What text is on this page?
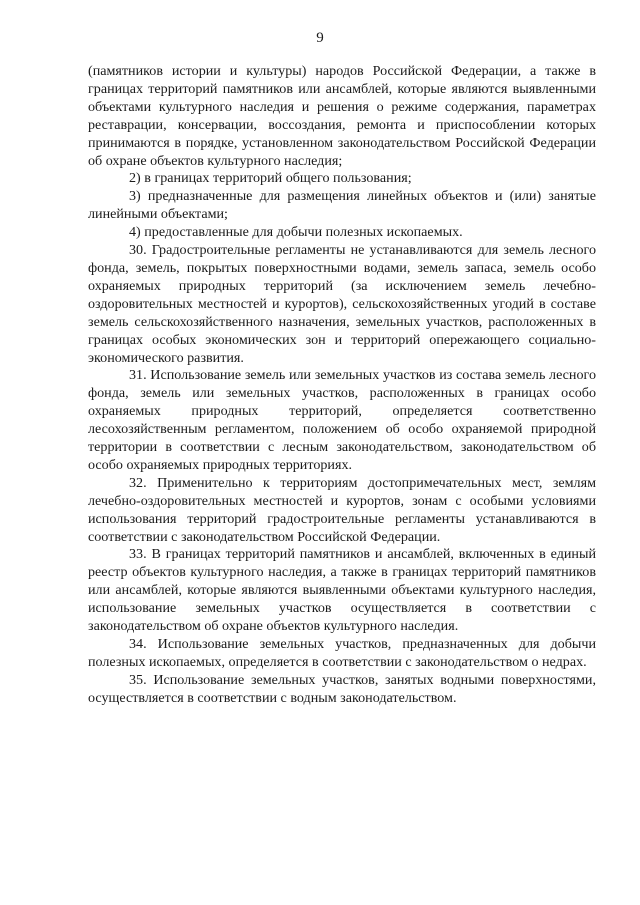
9

(памятников истории и культуры) народов Российской Федерации, а также в границах территорий памятников или ансамблей, которые являются выявленными объектами культурного наследия и решения о режиме содержания, параметрах реставрации, консервации, воссоздания, ремонта и приспособлении которых принимаются в порядке, установленном законодательством Российской Федерации об охране объектов культурного наследия;

2) в границах территорий общего пользования;

3) предназначенные для размещения линейных объектов и (или) занятые линейными объектами;

4) предоставленные для добычи полезных ископаемых.

30. Градостроительные регламенты не устанавливаются для земель лесного фонда, земель, покрытых поверхностными водами, земель запаса, земель особо охраняемых природных территорий (за исключением земель лечебно-оздоровительных местностей и курортов), сельскохозяйственных угодий в составе земель сельскохозяйственного назначения, земельных участков, расположенных в границах особых экономических зон и территорий опережающего социально-экономического развития.

31. Использование земель или земельных участков из состава земель лесного фонда, земель или земельных участков, расположенных в границах особо охраняемых природных территорий, определяется соответственно лесохозяйственным регламентом, положением об особо охраняемой природной территории в соответствии с лесным законодательством, законодательством об особо охраняемых природных территориях.

32. Применительно к территориям достопримечательных мест, землям лечебно-оздоровительных местностей и курортов, зонам с особыми условиями использования территорий градостроительные регламенты устанавливаются в соответствии с законодательством Российской Федерации.

33. В границах территорий памятников и ансамблей, включенных в единый реестр объектов культурного наследия, а также в границах территорий памятников или ансамблей, которые являются выявленными объектами культурного наследия, использование земельных участков осуществляется в соответствии с законодательством об охране объектов культурного наследия.

34. Использование земельных участков, предназначенных для добычи полезных ископаемых, определяется в соответствии с законодательством о недрах.

35. Использование земельных участков, занятых водными поверхностями, осуществляется в соответствии с водным законодательством.
